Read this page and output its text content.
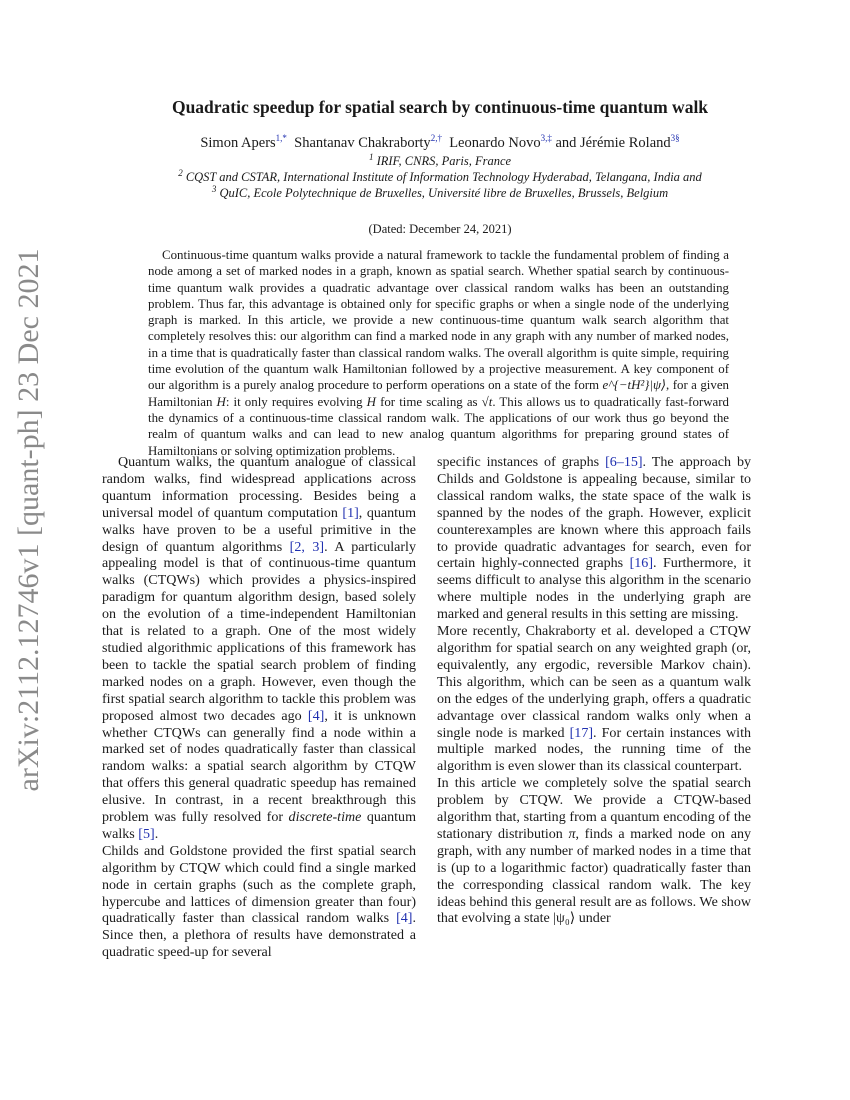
arXiv:2112.12746v1 [quant-ph] 23 Dec 2021
Quadratic speedup for spatial search by continuous-time quantum walk
Simon Apers$^{1,*}$ Shantanav Chakraborty$^{2,\dagger}$ Leonardo Novo$^{3,\ddagger}$ and Jérémie Roland$^{3\S}$
$^1$ IRIF, CNRS, Paris, France
$^2$ CQST and CSTAR, International Institute of Information Technology Hyderabad, Telangana, India and
$^3$ QuIC, Ecole Polytechnique de Bruxelles, Université libre de Bruxelles, Brussels, Belgium
(Dated: December 24, 2021)

Continuous-time quantum walks provide a natural framework to tackle the fundamental problem of finding a node among a set of marked nodes in a graph, known as spatial search. Whether spatial search by continuous-time quantum walk provides a quadratic advantage over classical random walks has been an outstanding problem. Thus far, this advantage is obtained only for specific graphs or when a single node of the underlying graph is marked. In this article, we provide a new continuous-time quantum walk search algorithm that completely resolves this: our algorithm can find a marked node in any graph with any number of marked nodes, in a time that is quadratically faster than classical random walks. The overall algorithm is quite simple, requiring time evolution of the quantum walk Hamiltonian followed by a projective measurement. A key component of our algorithm is a purely analog procedure to perform operations on a state of the form e^{−tH²}|ψ⟩, for a given Hamiltonian H: it only requires evolving H for time scaling as √t. This allows us to quadratically fast-forward the dynamics of a continuous-time classical random walk. The applications of our work thus go beyond the realm of quantum walks and can lead to new analog quantum algorithms for preparing ground states of Hamiltonians or solving optimization problems.

Quantum walks, the quantum analogue of classical random walks, find widespread applications across quantum information processing. Besides being a universal model of quantum computation [1], quantum walks have proven to be a useful primitive in the design of quantum algorithms [2, 3]. A particularly appealing model is that of continuous-time quantum walks (CTQWs) which provides a physics-inspired paradigm for quantum algorithm design, based solely on the evolution of a time-independent Hamiltonian that is related to a graph. One of the most widely studied algorithmic applications of this framework has been to tackle the spatial search problem of finding marked nodes on a graph. However, even though the first spatial search algorithm to tackle this problem was proposed almost two decades ago [4], it is unknown whether CTQWs can generally find a node within a marked set of nodes quadratically faster than classical random walks: a spatial search algorithm by CTQW that offers this general quadratic speedup has remained elusive. In contrast, in a recent breakthrough this problem was fully resolved for discrete-time quantum walks [5].

Childs and Goldstone provided the first spatial search algorithm by CTQW which could find a single marked node in certain graphs (such as the complete graph, hypercube and lattices of dimension greater than four) quadratically faster than classical random walks [4]. Since then, a plethora of results have demonstrated a quadratic speed-up for several

specific instances of graphs [6–15]. The approach by Childs and Goldstone is appealing because, similar to classical random walks, the state space of the walk is spanned by the nodes of the graph. However, explicit counterexamples are known where this approach fails to provide quadratic advantages for search, even for certain highly-connected graphs [16]. Furthermore, it seems difficult to analyse this algorithm in the scenario where multiple nodes in the underlying graph are marked and general results in this setting are missing.

More recently, Chakraborty et al. developed a CTQW algorithm for spatial search on any weighted graph (or, equivalently, any ergodic, reversible Markov chain). This algorithm, which can be seen as a quantum walk on the edges of the underlying graph, offers a quadratic advantage over classical random walks only when a single node is marked [17]. For certain instances with multiple marked nodes, the running time of the algorithm is even slower than its classical counterpart.

In this article we completely solve the spatial search problem by CTQW. We provide a CTQW-based algorithm that, starting from a quantum encoding of the stationary distribution π, finds a marked node on any graph, with any number of marked nodes in a time that is (up to a logarithmic factor) quadratically faster than the corresponding classical random walk. The key ideas behind this general result are as follows. We show that evolving a state |ψ₀⟩ under
